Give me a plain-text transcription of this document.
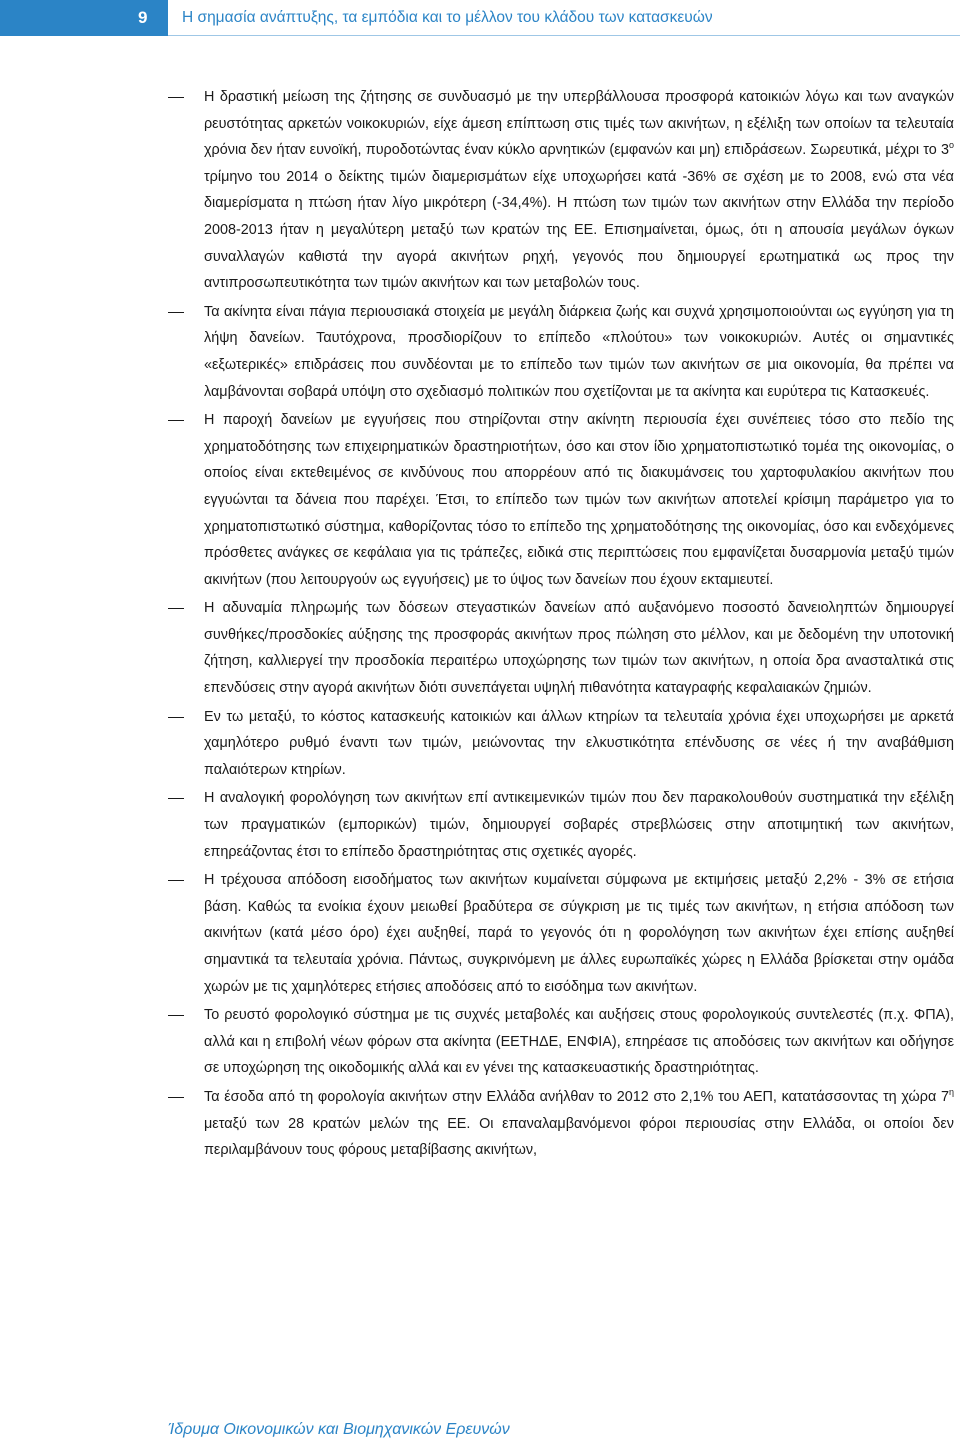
9	Η σημασία ανάπτυξης, τα εμπόδια και το μέλλον του κλάδου των κατασκευών
Η δραστική μείωση της ζήτησης σε συνδυασμό με την υπερβάλλουσα προσφορά κατοικιών λόγω και των αναγκών ρευστότητας αρκετών νοικοκυριών, είχε άμεση επίπτωση στις τιμές των ακινήτων, η εξέλιξη των οποίων τα τελευταία χρόνια δεν ήταν ευνοϊκή, πυροδοτώντας έναν κύκλο αρνητικών (εμφανών και μη) επιδράσεων. Σωρευτικά, μέχρι το $3^o$ τρίμηνο του 2014 ο δείκτης τιμών διαμερισμάτων είχε υποχωρήσει κατά -36% σε σχέση με το 2008, ενώ στα νέα διαμερίσματα η πτώση ήταν λίγο μικρότερη (-34,4%). Η πτώση των τιμών των ακινήτων στην Ελλάδα την περίοδο 2008-2013 ήταν η μεγαλύτερη μεταξύ των κρατών της ΕΕ. Επισημαίνεται, όμως, ότι η απουσία μεγάλων όγκων συναλλαγών καθιστά την αγορά ακινήτων ρηχή, γεγονός που δημιουργεί ερωτηματικά ως προς την αντιπροσωπευτικότητα των τιμών ακινήτων και των μεταβολών τους.
Τα ακίνητα είναι πάγια περιουσιακά στοιχεία με μεγάλη διάρκεια ζωής και συχνά χρησιμοποιούνται ως εγγύηση για τη λήψη δανείων. Ταυτόχρονα, προσδιορίζουν το επίπεδο «πλούτου» των νοικοκυριών. Αυτές οι σημαντικές «εξωτερικές» επιδράσεις που συνδέονται με το επίπεδο των τιμών των ακινήτων σε μια οικονομία, θα πρέπει να λαμβάνονται σοβαρά υπόψη στο σχεδιασμό πολιτικών που σχετίζονται με τα ακίνητα και ευρύτερα τις Κατασκευές.
Η παροχή δανείων με εγγυήσεις που στηρίζονται στην ακίνητη περιουσία έχει συνέπειες τόσο στο πεδίο της χρηματοδότησης των επιχειρηματικών δραστηριοτήτων, όσο και στον ίδιο χρηματοπιστωτικό τομέα της οικονομίας, ο οποίος είναι εκτεθειμένος σε κινδύνους που απορρέουν από τις διακυμάνσεις του χαρτοφυλακίου ακινήτων που εγγυώνται τα δάνεια που παρέχει. Έτσι, το επίπεδο των τιμών των ακινήτων αποτελεί κρίσιμη παράμετρο για το χρηματοπιστωτικό σύστημα, καθορίζοντας τόσο το επίπεδο της χρηματοδότησης της οικονομίας, όσο και ενδεχόμενες πρόσθετες ανάγκες σε κεφάλαια για τις τράπεζες, ειδικά στις περιπτώσεις που εμφανίζεται δυσαρμονία μεταξύ τιμών ακινήτων (που λειτουργούν ως εγγυήσεις) με το ύψος των δανείων που έχουν εκταμιευτεί.
Η αδυναμία πληρωμής των δόσεων στεγαστικών δανείων από αυξανόμενο ποσοστό δανειοληπτών δημιουργεί συνθήκες/προσδοκίες αύξησης της προσφοράς ακινήτων προς πώληση στο μέλλον, και με δεδομένη την υποτονική ζήτηση, καλλιεργεί την προσδοκία περαιτέρω υποχώρησης των τιμών των ακινήτων, η οποία δρα ανασταλτικά στις επενδύσεις στην αγορά ακινήτων διότι συνεπάγεται υψηλή πιθανότητα καταγραφής κεφαλαιακών ζημιών.
Εν τω μεταξύ, το κόστος κατασκευής κατοικιών και άλλων κτηρίων τα τελευταία χρόνια έχει υποχωρήσει με αρκετά χαμηλότερο ρυθμό έναντι των τιμών, μειώνοντας την ελκυστικότητα επένδυσης σε νέες ή την αναβάθμιση παλαιότερων κτηρίων.
Η αναλογική φορολόγηση των ακινήτων επί αντικειμενικών τιμών που δεν παρακολουθούν συστηματικά την εξέλιξη των πραγματικών (εμπορικών) τιμών, δημιουργεί σοβαρές στρεβλώσεις στην αποτιμητική των ακινήτων, επηρεάζοντας έτσι το επίπεδο δραστηριότητας στις σχετικές αγορές.
Η τρέχουσα απόδοση εισοδήματος των ακινήτων κυμαίνεται σύμφωνα με εκτιμήσεις μεταξύ 2,2% - 3% σε ετήσια βάση. Καθώς τα ενοίκια έχουν μειωθεί βραδύτερα σε σύγκριση με τις τιμές των ακινήτων, η ετήσια απόδοση των ακινήτων (κατά μέσο όρο) έχει αυξηθεί, παρά το γεγονός ότι η φορολόγηση των ακινήτων έχει επίσης αυξηθεί σημαντικά τα τελευταία χρόνια. Πάντως, συγκρινόμενη με άλλες ευρωπαϊκές χώρες η Ελλάδα βρίσκεται στην ομάδα χωρών με τις χαμηλότερες ετήσιες αποδόσεις από το εισόδημα των ακινήτων.
Το ρευστό φορολογικό σύστημα με τις συχνές μεταβολές και αυξήσεις στους φορολογικούς συντελεστές (π.χ. ΦΠΑ), αλλά και η επιβολή νέων φόρων στα ακίνητα (ΕΕΤΗΔΕ, ΕΝΦΙΑ), επηρέασε τις αποδόσεις των ακινήτων και οδήγησε σε υποχώρηση της οικοδομικής αλλά και εν γένει της κατασκευαστικής δραστηριότητας.
Τα έσοδα από τη φορολογία ακινήτων στην Ελλάδα ανήλθαν το 2012 στο 2,1% του ΑΕΠ, κατατάσσοντας τη χώρα $7^\eta$ μεταξύ των 28 κρατών μελών της ΕΕ. Οι επαναλαμβανόμενοι φόροι περιουσίας στην Ελλάδα, οι οποίοι δεν περιλαμβάνουν τους φόρους μεταβίβασης ακινήτων,
Ίδρυμα Οικονομικών και Βιομηχανικών Ερευνών
